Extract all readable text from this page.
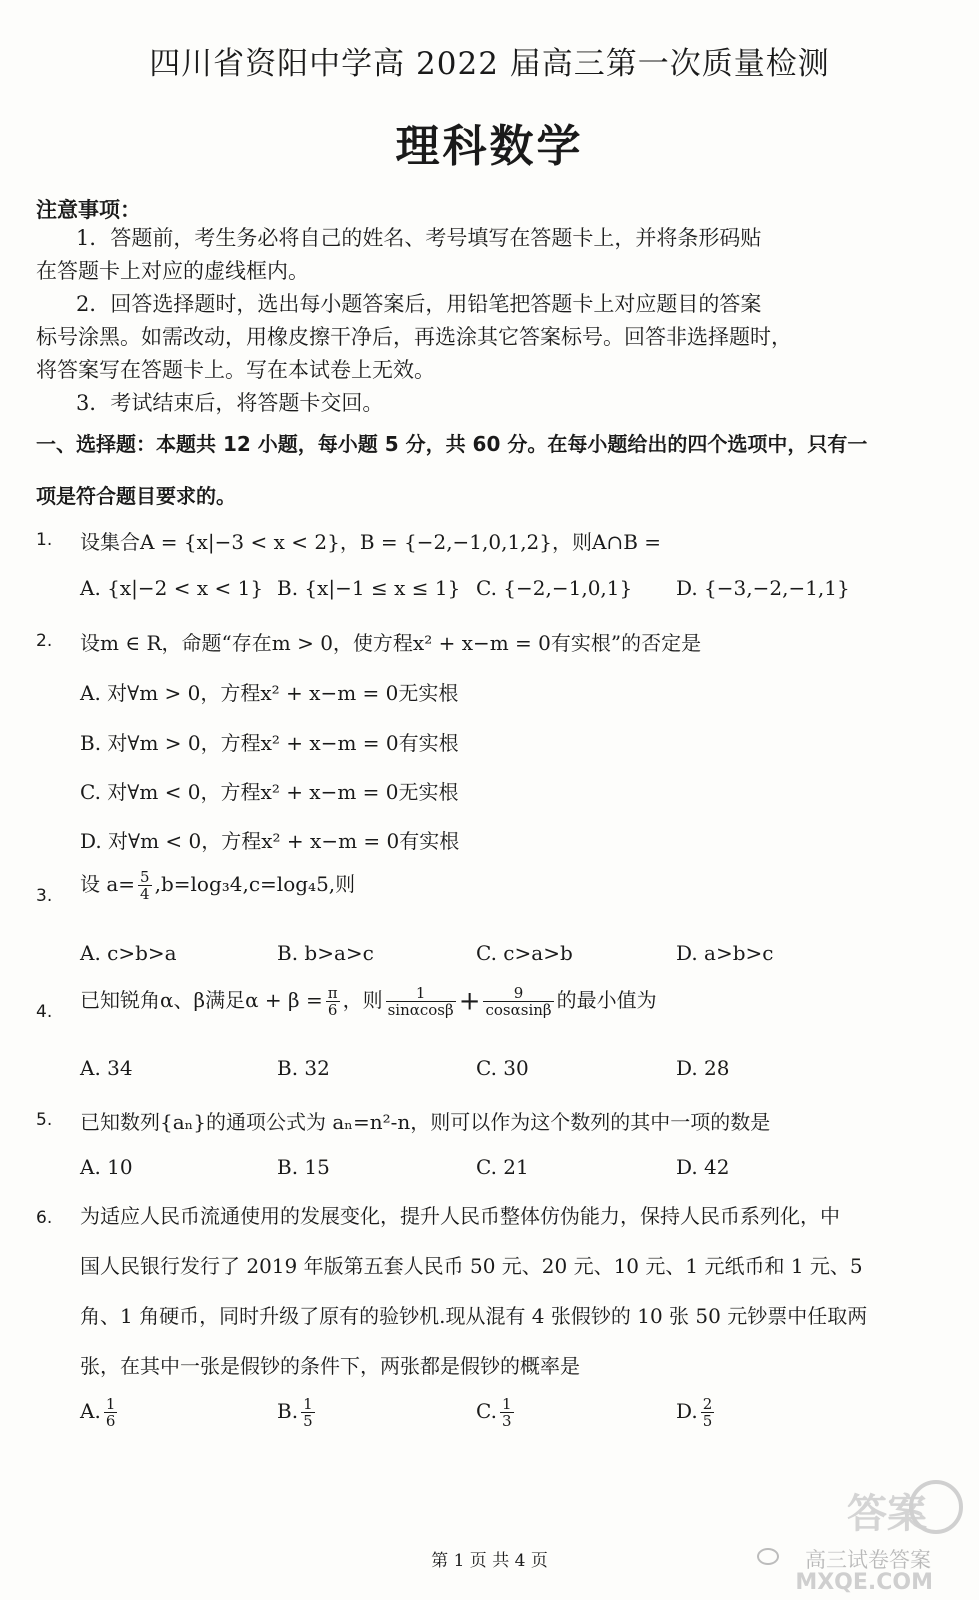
四川省资阳中学高 2022 届高三第一次质量检测
理科数学
注意事项：
1．答题前，考生务必将自己的姓名、考号填写在答题卡上，并将条形码贴
在答题卡上对应的虚线框内。
2．回答选择题时，选出每小题答案后，用铅笔把答题卡上对应题目的答案
标号涂黑。如需改动，用橡皮擦干净后，再选涂其它答案标号。回答非选择题时，
将答案写在答题卡上。写在本试卷上无效。
3．考试结束后，将答题卡交回。
一、选择题：本题共 12 小题，每小题 5 分，共 60 分。在每小题给出的四个选项中，只有一
项是符合题目要求的。
1. 设集合A = {x|−3 < x < 2}，B = {−2,−1,0,1,2}，则A∩B =
A. {x|−2 < x < 1} B. {x|−1 ≤ x ≤ 1} C. {−2,−1,0,1} D. {−3,−2,−1,1}
2. 设m ∈ R，命题“存在m > 0，使方程x² + x−m = 0有实根”的否定是
A. 对∀m > 0，方程x² + x−m = 0无实根
B. 对∀m > 0，方程x² + x−m = 0有实根
C. 对∀m < 0，方程x² + x−m = 0无实根
D. 对∀m < 0，方程x² + x−m = 0有实根
3. 设 $a= \frac{5}{4} ,b=\log_34,c=\log_45$,则
A. c>b>a	B. b>a>c	C. c>a>b	D. a>b>c
4. 已知锐角α、β满足$\alpha + \beta = \frac{\pi}{6}$ ，则 $\frac{1}{\sin\alpha\cos\beta} + \frac{9}{\cos\alpha\sin\beta}$ 的最小值为
A. 34	B. 32	C. 30	D. 28
5. 已知数列{aₙ}的通项公式为 aₙ=n²-n，则可以作为这个数列的其中一项的数是
A. 10	B. 15	C. 21	D. 42
6. 为适应人民币流通使用的发展变化，提升人民币整体仿伪能力，保持人民币系列化，中
国人民银行发行了 2019 年版第五套人民币 50 元、20 元、10 元、1 元纸币和 1 元、5
角、1 角硬币，同时升级了原有的验钞机.现从混有 4 张假钞的 10 张 50 元钞票中任取两
张，在其中一张是假钞的条件下，两张都是假钞的概率是
A. $\frac{1}{6}$	B. $\frac{1}{5}$	C. $\frac{1}{3}$	D. $\frac{2}{5}$
第 1 页 共 4 页
答案
高三试卷答案
MXQE.COM
